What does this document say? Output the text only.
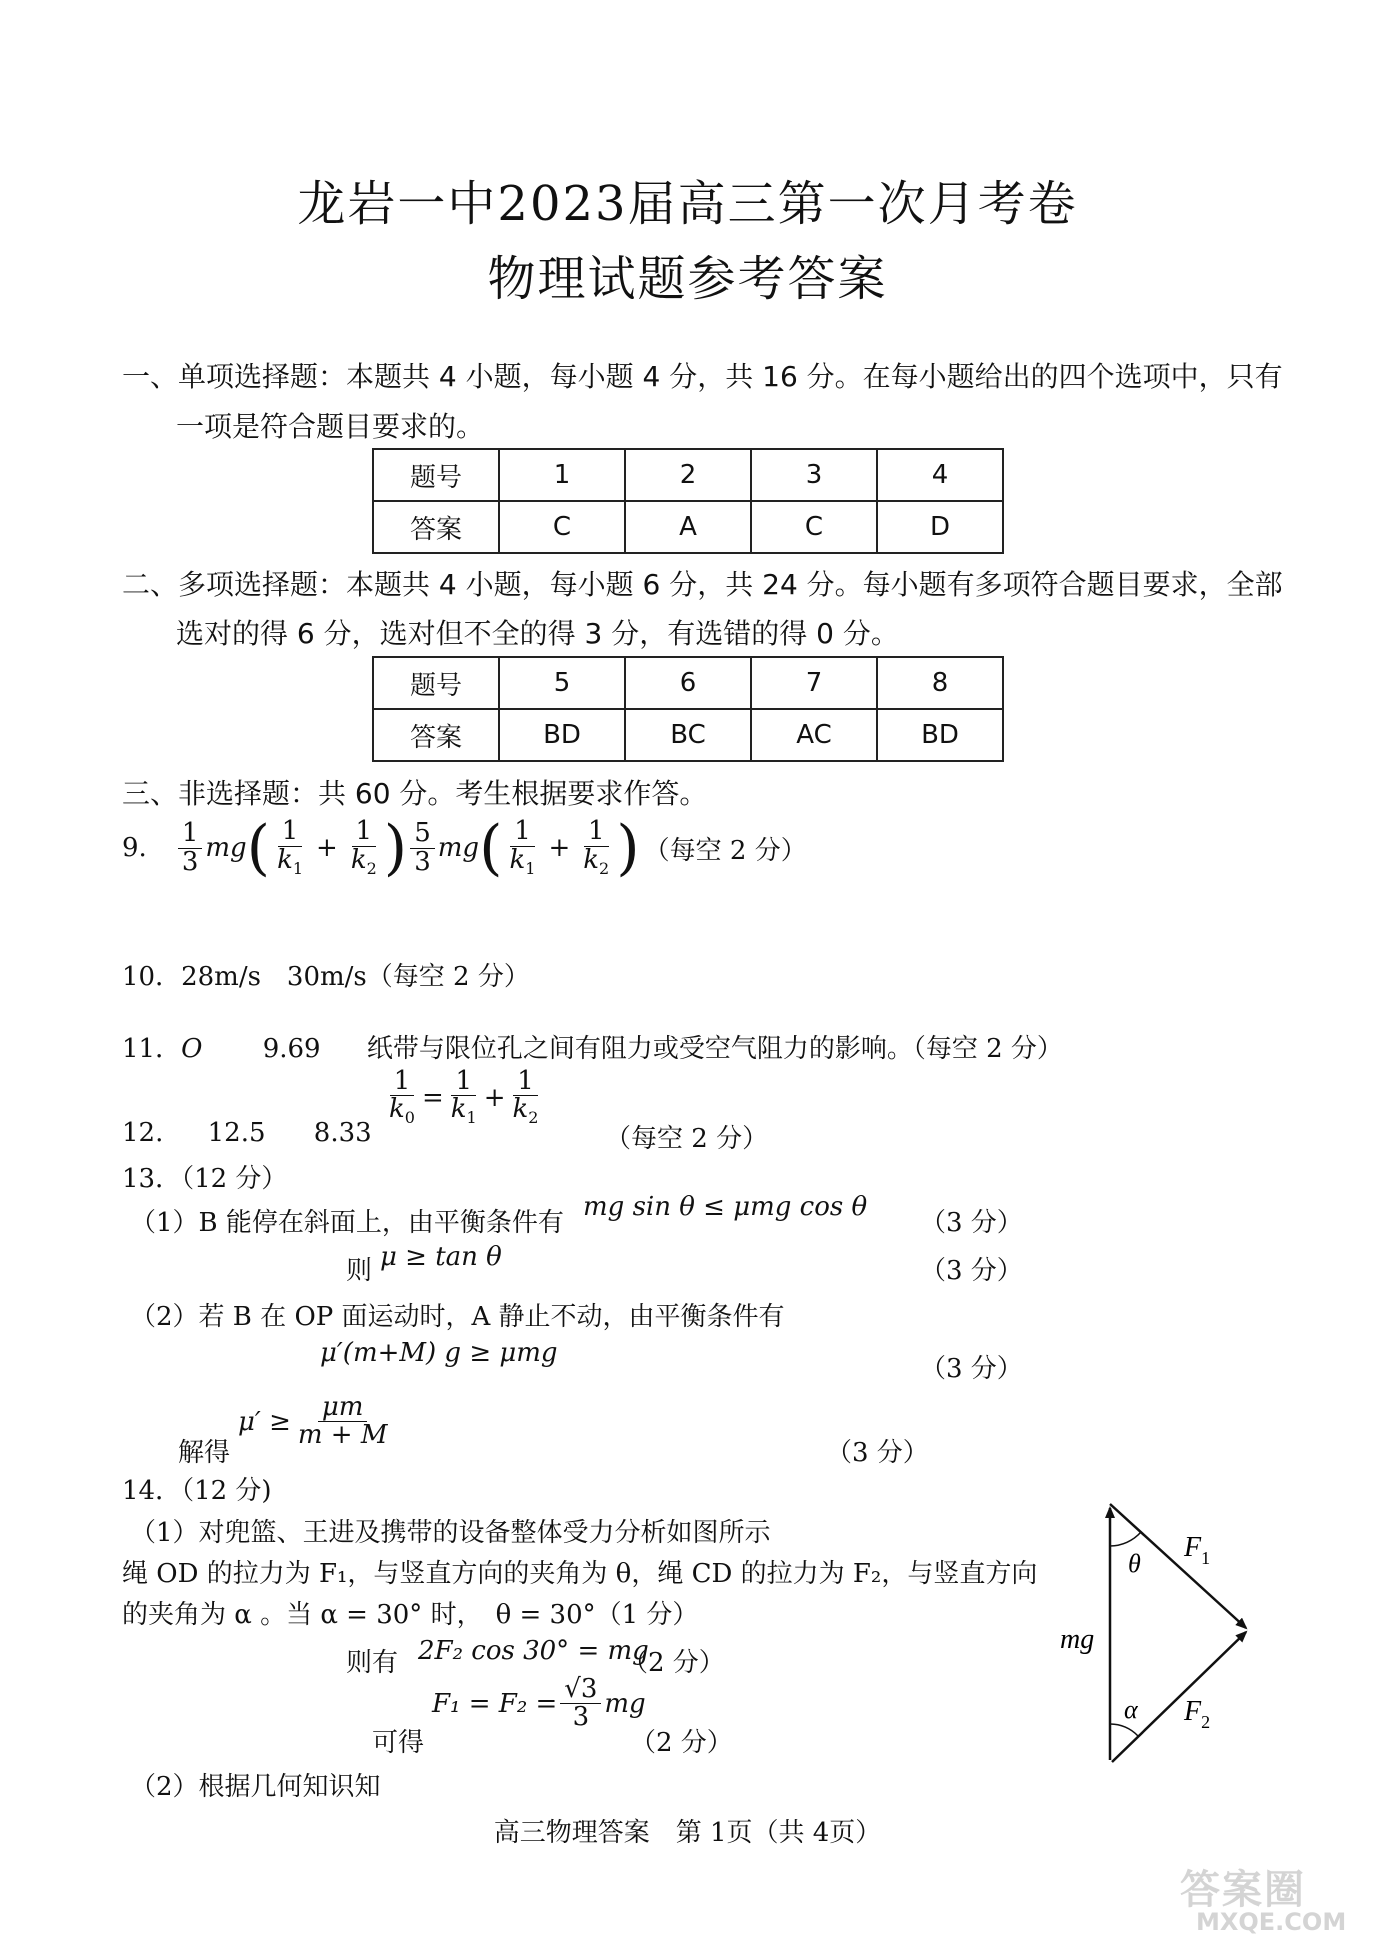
龙岩一中2023届高三第一次月考卷
物理试题参考答案
一、单项选择题：本题共 4 小题，每小题 4 分，共 16 分。在每小题给出的四个选项中，只有
一项是符合题目要求的。
题号	1	2	3	4
答案	C	A	C	D
二、多项选择题：本题共 4 小题，每小题 6 分，共 24 分。每小题有多项符合题目要求，全部
选对的得 6 分，选对但不全的得 3 分，有选错的得 0 分。
题号	5	6	7	8
答案	BD	BC	AC	BD
三、非选择题：共 60 分。考生根据要求作答。
9. $\frac{1}{3}$ mg ( $\frac{1}{k_1} + \frac{1}{k_2}$ ) $\frac{5}{3}$ mg ( $\frac{1}{k_1} + \frac{1}{k_2}$ ) （每空 2 分）
10．28m/s　30m/s（每空 2 分）
11．O 9.69 纸带与限位孔之间有阻力或受空气阻力的影响。（每空 2 分）
12. 12.5 8.33
$\frac{1}{k_0} = \frac{1}{k_1} + \frac{1}{k_2}$
（每空 2 分）
13．（12 分）
（1）B 能停在斜面上，由平衡条件有
mg sin θ ≤ μmg cos θ
（3 分）
则 μ ≥ tan θ	（3 分）
（2）若 B 在 OP 面运动时，A 静止不动，由平衡条件有
μ′(m+M) g ≥ μmg
（3 分）
解得
$\mu' \ge \frac{\mu m}{m + M}$
（3 分）
14．（12 分)
（1）对兜篮、王进及携带的设备整体受力分析如图所示
绳 OD 的拉力为 F₁，与竖直方向的夹角为 θ，绳 CD 的拉力为 F₂，与竖直方向
的夹角为 α 。当 α = 30° 时，　θ = 30°（1 分）
则有 2F₂ cos 30° = mg
（2 分）
可得
$F_1 = F_2 = \frac{√3}{3}$ mg
（2 分）
（2）根据几何知识知
θ
α
mg
$F_1$
$F_2$
高三物理答案　第 1页（共 4页）
答案圈
MXQE.COM
